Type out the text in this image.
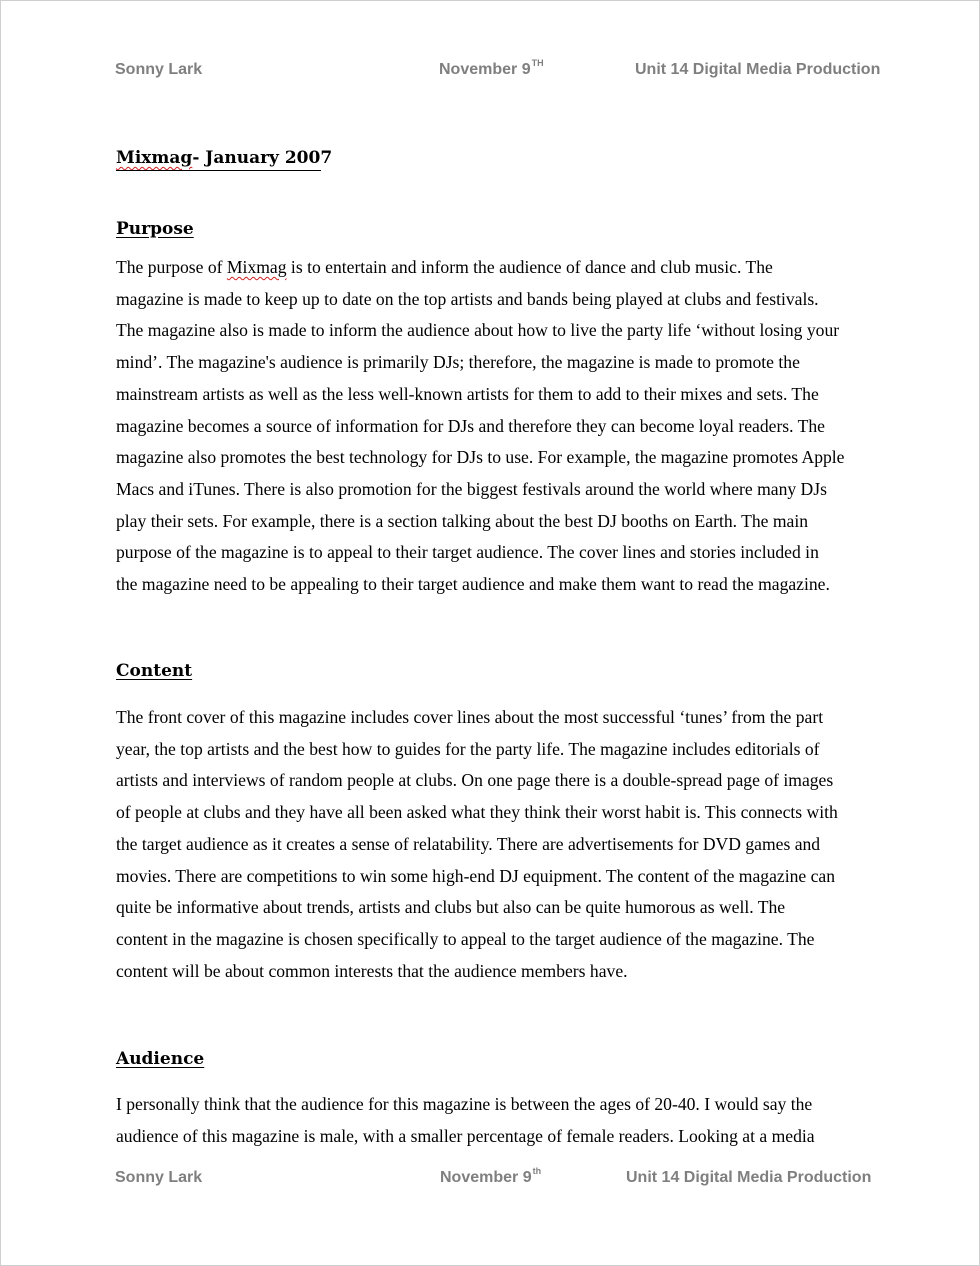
Sonny Lark	November 9TH	Unit 14 Digital Media Production
Mixmag- January 2007
Purpose
The purpose of Mixmag is to entertain and inform the audience of dance and club music. The
magazine is made to keep up to date on the top artists and bands being played at clubs and festivals.
The magazine also is made to inform the audience about how to live the party life ‘without losing your
mind’. The magazine's audience is primarily DJs; therefore, the magazine is made to promote the
mainstream artists as well as the less well-known artists for them to add to their mixes and sets. The
magazine becomes a source of information for DJs and therefore they can become loyal readers. The
magazine also promotes the best technology for DJs to use. For example, the magazine promotes Apple
Macs and iTunes. There is also promotion for the biggest festivals around the world where many DJs
play their sets. For example, there is a section talking about the best DJ booths on Earth. The main
purpose of the magazine is to appeal to their target audience. The cover lines and stories included in
the magazine need to be appealing to their target audience and make them want to read the magazine.
Content
The front cover of this magazine includes cover lines about the most successful ‘tunes’ from the part
year, the top artists and the best how to guides for the party life. The magazine includes editorials of
artists and interviews of random people at clubs. On one page there is a double-spread page of images
of people at clubs and they have all been asked what they think their worst habit is. This connects with
the target audience as it creates a sense of relatability. There are advertisements for DVD games and
movies. There are competitions to win some high-end DJ equipment. The content of the magazine can
quite be informative about trends, artists and clubs but also can be quite humorous as well. The
content in the magazine is chosen specifically to appeal to the target audience of the magazine. The
content will be about common interests that the audience members have.
Audience
I personally think that the audience for this magazine is between the ages of 20-40. I would say the
audience of this magazine is male, with a smaller percentage of female readers. Looking at a media
Sonny Lark	November 9th	Unit 14 Digital Media Production
